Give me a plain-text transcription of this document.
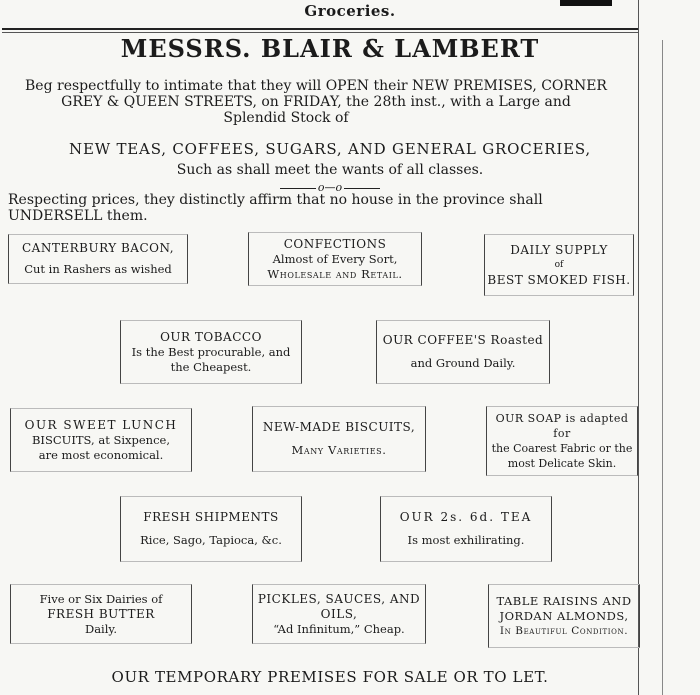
Groceries.
MESSRS. BLAIR & LAMBERT
Beg respectfully to intimate that they will OPEN their NEW PREMISES, CORNER
GREY & QUEEN STREETS, on FRIDAY, the 28th inst., with a Large and
Splendid Stock of
NEW TEAS, COFFEES, SUGARS, AND GENERAL GROCERIES,
Such as shall meet the wants of all classes.
o—o
Respecting prices, they distinctly affirm that no house in the province shall UNDERSELL them.
CANTERBURY BACON,
Cut in Rashers as wished
CONFECTIONS
Almost of Every Sort,
Wholesale and Retail.
DAILY SUPPLY
of
BEST SMOKED FISH.
OUR TOBACCO
Is the Best procurable, and
the Cheapest.
OUR COFFEE'S Roasted
and Ground Daily.
OUR SWEET LUNCH
BISCUITS, at Sixpence,
are most economical.
NEW-MADE BISCUITS,
Many Varieties.
OUR SOAP is adapted for
the Coarest Fabric or the
most Delicate Skin.
FRESH SHIPMENTS
Rice, Sago, Tapioca, &c.
OUR 2s. 6d. TEA
Is most exhilirating.
Five or Six Dairies of
FRESH BUTTER
Daily.
PICKLES, SAUCES, AND
OILS,
“Ad Infinitum,” Cheap.
TABLE RAISINS AND
JORDAN ALMONDS,
In Beautiful Condition.
OUR TEMPORARY PREMISES FOR SALE OR TO LET.
